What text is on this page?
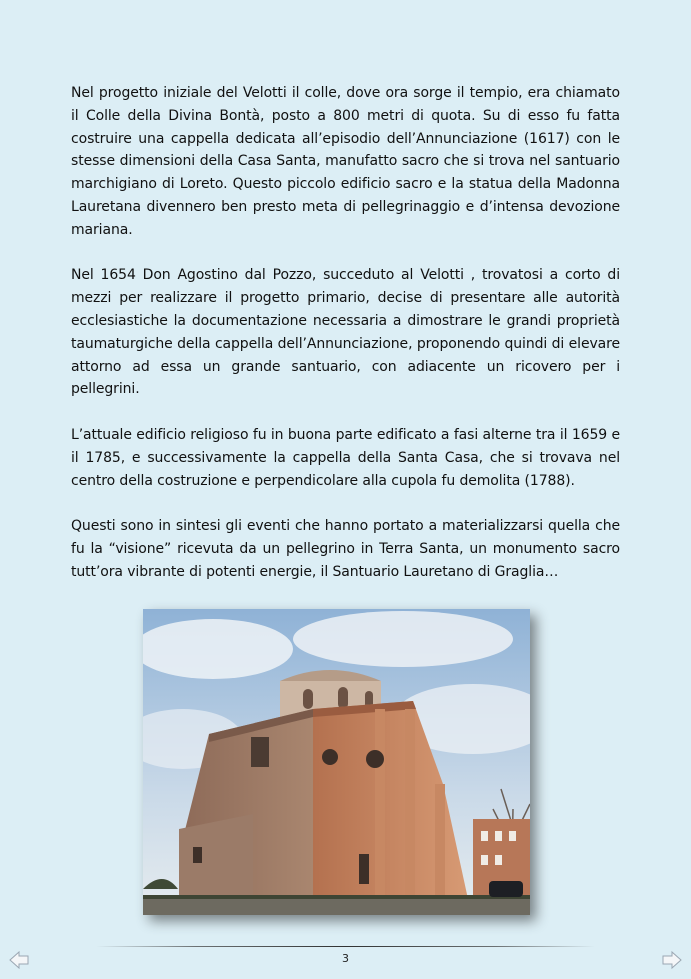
Nel progetto iniziale del Velotti il colle, dove ora sorge il tempio, era chiamato il Colle della Divina Bontà, posto a 800 metri di quota. Su di esso fu fatta costruire una cappella dedicata all’episodio dell’Annunciazione (1617) con le stesse dimensioni della Casa Santa, manufatto sacro che si trova nel santuario marchigiano di Loreto. Questo piccolo edificio sacro e la statua della Madonna Lauretana divennero ben presto meta di pellegrinaggio e d’intensa devozione mariana.

Nel 1654 Don Agostino dal Pozzo, succeduto al Velotti , trovatosi a corto di mezzi per realizzare il progetto primario, decise di presentare alle autorità ecclesiastiche la documentazione necessaria a dimostrare le grandi proprietà taumaturgiche della cappella dell’Annunciazione, proponendo quindi di elevare attorno ad essa un grande santuario, con adiacente un ricovero per i pellegrini.

L’attuale edificio religioso fu in buona parte edificato a fasi alterne tra il 1659 e il 1785, e successivamente la cappella della Santa Casa, che si trovava nel centro della costruzione e perpendicolare alla cupola fu demolita (1788).

Questi sono in sintesi gli eventi che hanno portato a materializzarsi quella che fu la “visione” ricevuta da un pellegrino in Terra Santa, un monumento sacro tutt’ora vibrante di potenti energie, il Santuario Lauretano di Graglia…

3
